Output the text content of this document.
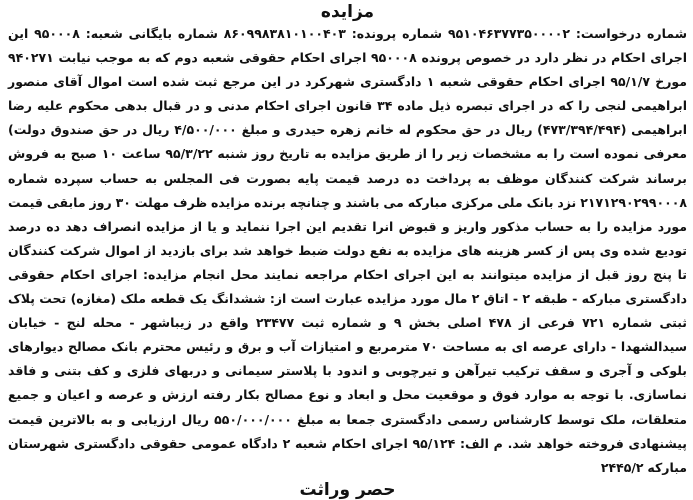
مزایده

شماره درخواست: ۹۵۱۰۴۶۳۷۷۳۵۰۰۰۰۲ شماره پرونده: ۸۶۰۹۹۸۳۸۱۰۱۰۰۴۰۳ شماره بایگانی شعبه: ۹۵۰۰۰۸ این اجرای احکام در نظر دارد در خصوص پرونده ۹۵۰۰۰۸ اجرای احکام حقوقی شعبه دوم که به موجب نیابت ۹۴۰۲۷۱ مورخ ۹۵/۱/۷ اجرای احکام حقوقی شعبه ۱ دادگستری شهرکرد در این مرجع ثبت شده است اموال آقای منصور ابراهیمی لنجی را که در اجرای تبصره ذیل ماده ۳۴ قانون اجرای احکام مدنی و در قبال بدهی محکوم علیه رضا ابراهیمی (۴۷۳/۳۹۴/۴۹۴) ریال در حق محکوم له خانم زهره حیدری و مبلغ ۴/۵۰۰/۰۰۰ ریال در حق صندوق دولت) معرفی نموده است را به مشخصات زیر را از طریق مزایده به تاریخ روز شنبه ۹۵/۳/۲۲ ساعت ۱۰ صبح به فروش برساند شرکت کنندگان موظف به پرداخت ده درصد قیمت پایه بصورت فی المجلس به حساب سپرده شماره ۲۱۷۱۲۹۰۲۹۹۰۰۰۸ نزد بانک ملی مرکزی مبارکه می باشند و چنانچه برنده مزایده ظرف مهلت ۳۰ روز مابقی قیمت مورد مزایده را به حساب مذکور واریز و قبوض انرا تقدیم این اجرا ننماید و یا از مزایده انصراف دهد ده درصد تودیع شده وی پس از کسر هزینه های مزایده به نفع دولت ضبط خواهد شد برای بازدید از اموال شرکت کنندگان تا پنج روز قبل از مزایده میتوانند به این اجرای احکام مراجعه نمایند محل انجام مزایده: اجرای احکام حقوقی دادگستری مبارکه - طبقه ۲ - اتاق ۲ مال مورد مزایده عبارت است از: ششدانگ یک قطعه ملک (مغازه) تحت پلاک ثبتی شماره ۷۲۱ فرعی از ۴۷۸ اصلی بخش ۹ و شماره ثبت ۲۳۴۷۷ واقع در زیباشهر - محله لنج - خیابان سیدالشهدا - دارای عرصه ای به مساحت ۷۰ مترمربع و امتیازات آب و برق و رئیس محترم بانک مصالح دیوارهای بلوکی و آجری و سقف ترکیب تیرآهن و تیرچوبی و اندود با پلاستر سیمانی و دربهای فلزی و کف بتنی و فاقد نماسازی. با توجه به موارد فوق و موقعیت محل و ابعاد و نوع مصالح بکار رفته ارزش و عرصه و اعیان و جمیع متعلقات، ملک توسط کارشناس رسمی دادگستری جمعا به مبلغ ۵۵۰/۰۰۰/۰۰۰ ریال ارزیابی و به بالاترین قیمت پیشنهادی فروخته خواهد شد. م الف: ۹۵/۱۲۴ اجرای احکام شعبه ۲ دادگاه عمومی حقوقی دادگستری شهرستان مبارکه ۲۴۴۵/۲

حصر وراثت
